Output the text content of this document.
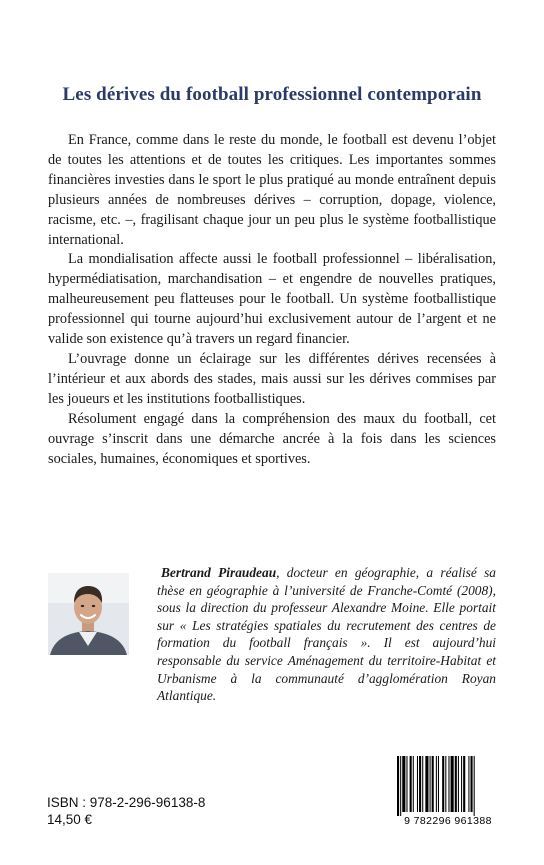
Les dérives du football professionnel contemporain

En France, comme dans le reste du monde, le football est devenu l’objet de toutes les attentions et de toutes les critiques. Les importantes sommes financières investies dans le sport le plus pratiqué au monde entraînent depuis plusieurs années de nombreuses dérives – corruption, dopage, violence, racisme, etc. –, fragilisant chaque jour un peu plus le système footballistique international.

La mondialisation affecte aussi le football professionnel – libéralisation, hypermédiatisation, marchandisation – et engendre de nouvelles pratiques, malheureusement peu flatteuses pour le football. Un système footballistique professionnel qui tourne aujourd’hui exclusivement autour de l’argent et ne valide son existence qu’à travers un regard financier.

L’ouvrage donne un éclairage sur les différentes dérives recensées à l’intérieur et aux abords des stades, mais aussi sur les dérives commises par les joueurs et les institutions footballistiques.

Résolument engagé dans la compréhension des maux du football, cet ouvrage s’inscrit dans une démarche ancrée à la fois dans les sciences sociales, humaines, économiques et sportives.

Bertrand Piraudeau, docteur en géographie, a réalisé sa thèse en géographie à l’université de Franche-Comté (2008), sous la direction du professeur Alexandre Moine. Elle portait sur « Les stratégies spatiales du recrutement des centres de formation du football français ». Il est aujourd’hui responsable du service Aménagement du territoire-Habitat et Urbanisme à la communauté d’agglomération Royan Atlantique.

ISBN : 978-2-296-96138-8
14,50 €	9 782296 961388
